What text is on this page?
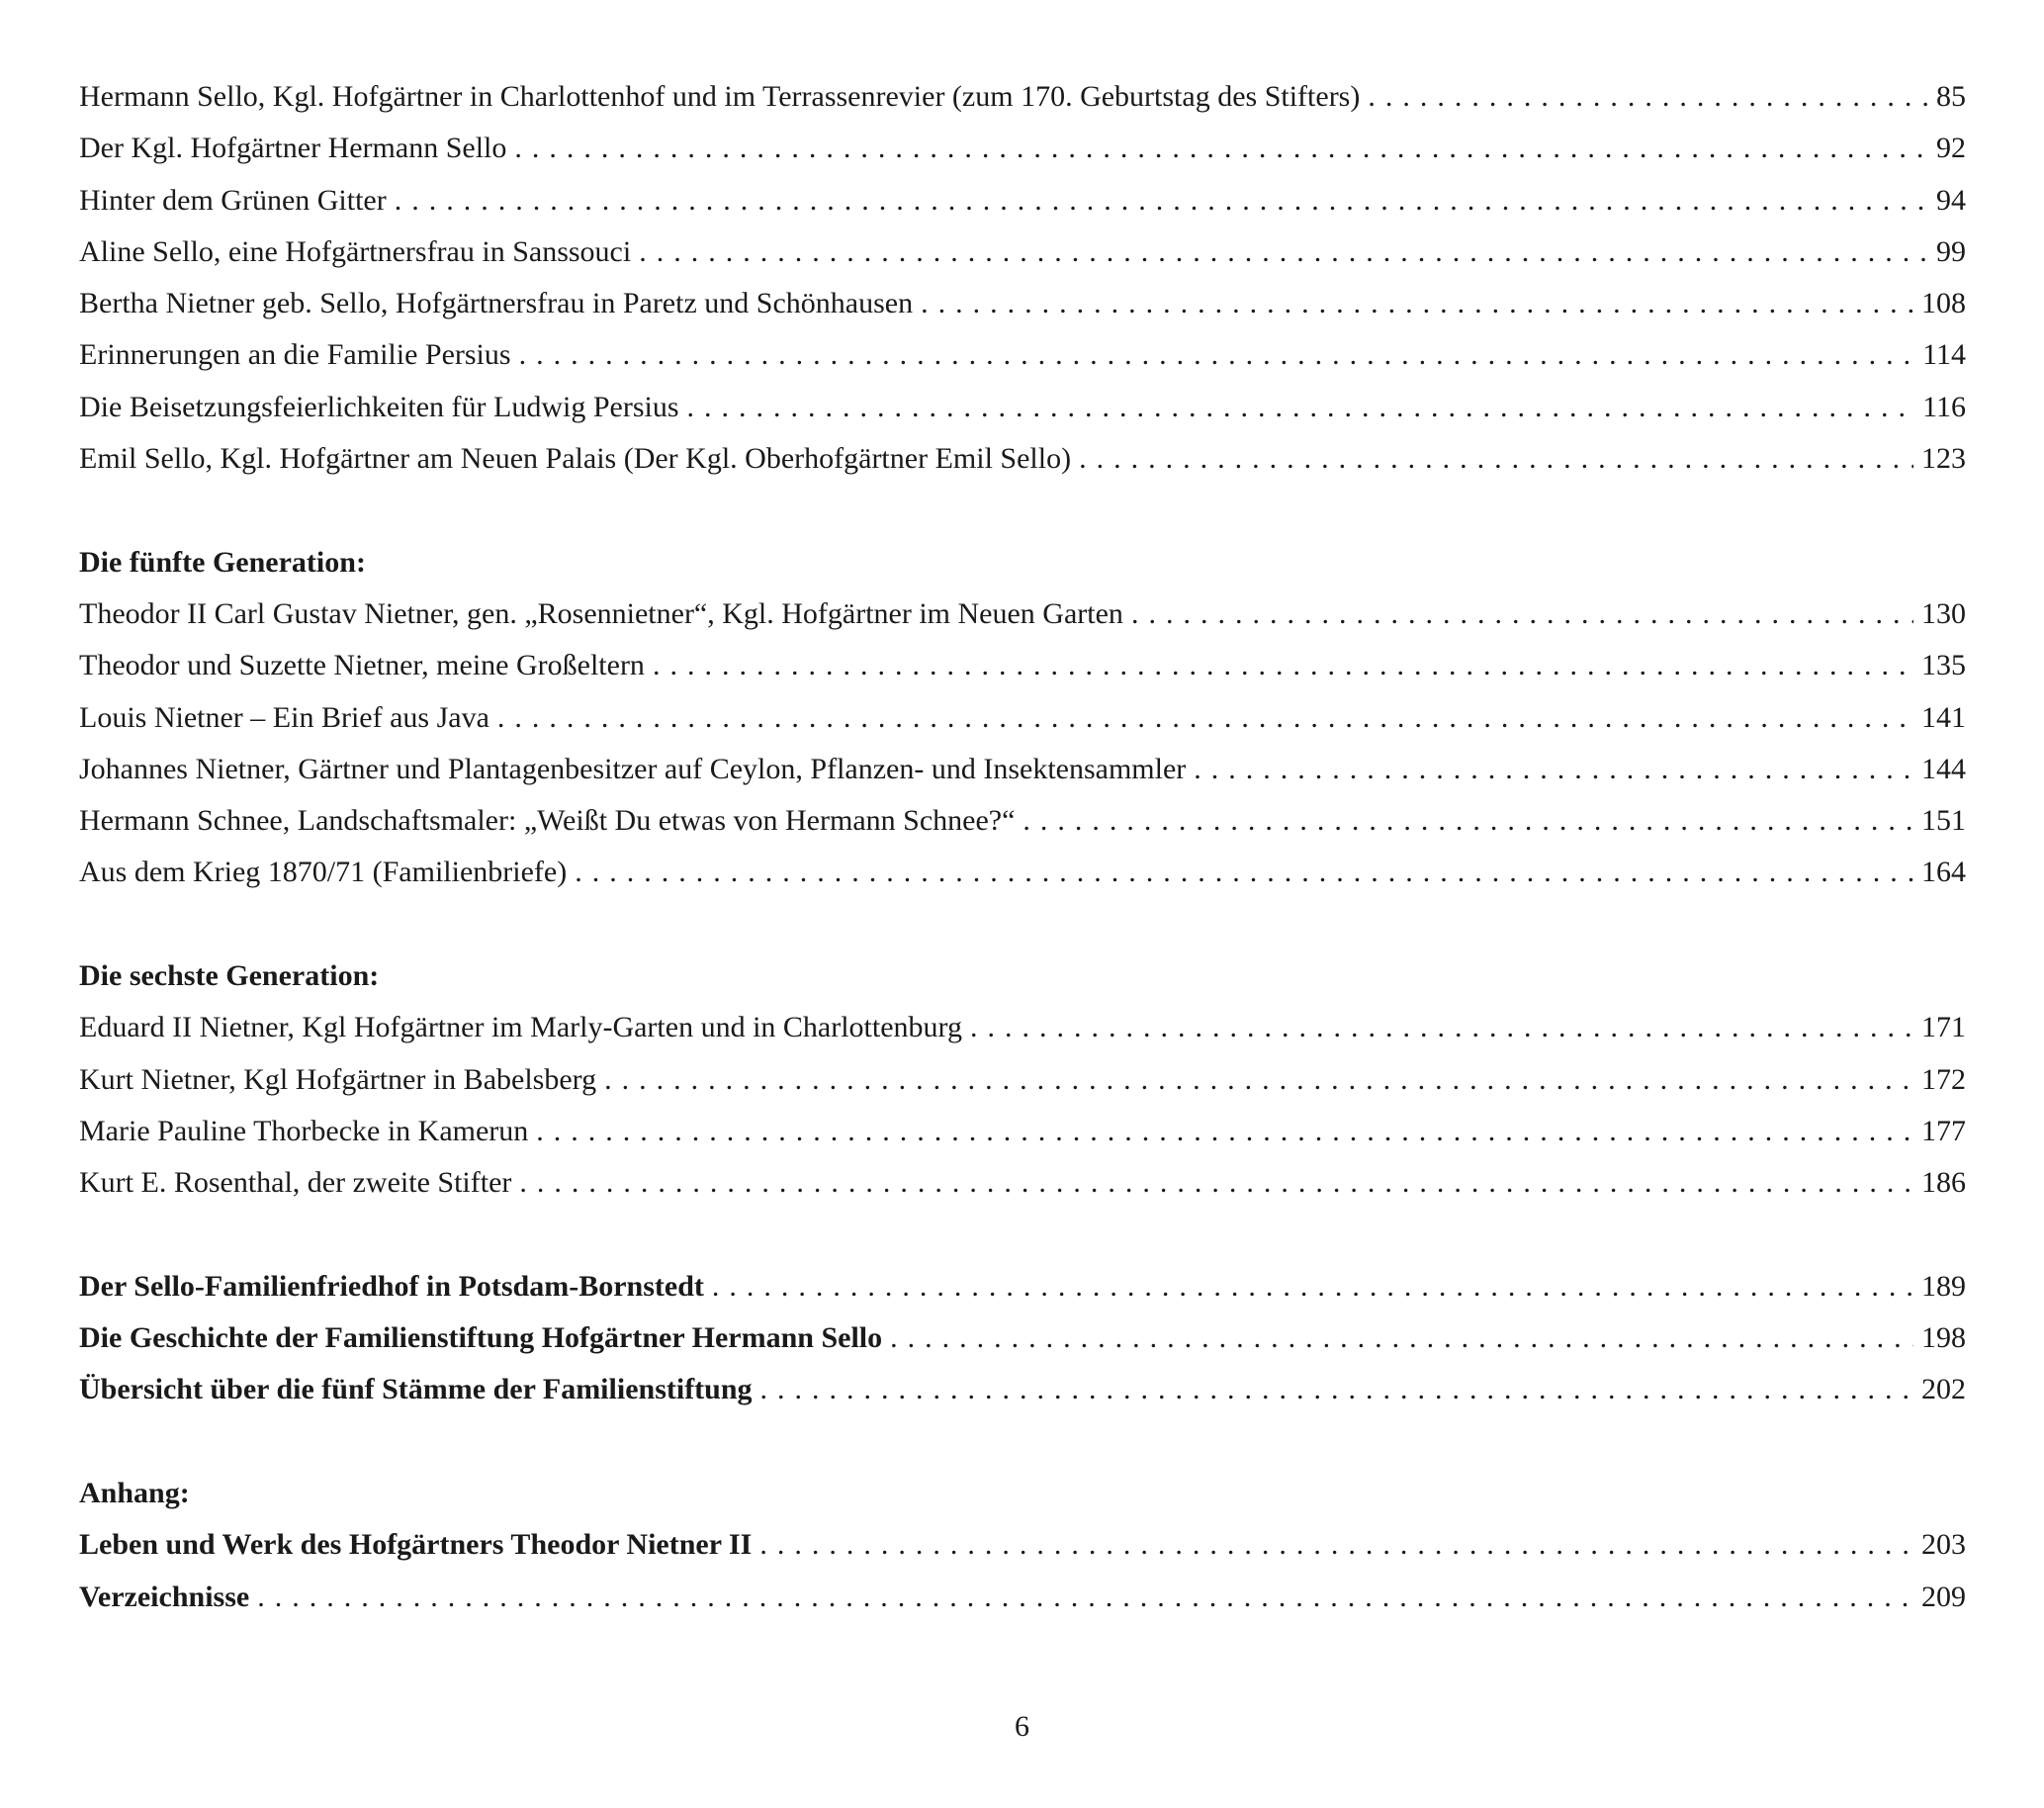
Hermann Sello, Kgl. Hofgärtner in Charlottenhof und im Terrassenrevier (zum 170. Geburtstag des Stifters) . . .	85
Der Kgl. Hofgärtner Hermann Sello . . .	92
Hinter dem Grünen Gitter . . .	94
Aline Sello, eine Hofgärtnersfrau in Sanssouci . . .	99
Bertha Nietner geb. Sello, Hofgärtnersfrau in Paretz und Schönhausen . . .	108
Erinnerungen an die Familie Persius . . .	114
Die Beisetzungsfeierlichkeiten für Ludwig Persius . . .	116
Emil Sello, Kgl. Hofgärtner am Neuen Palais (Der Kgl. Oberhofgärtner Emil Sello) . . .	123
Die fünfte Generation:
Theodor II Carl Gustav Nietner, gen. „Rosennietner“, Kgl. Hofgärtner im Neuen Garten . . .	130
Theodor und Suzette Nietner, meine Großeltern . . .	135
Louis Nietner – Ein Brief aus Java . . .	141
Johannes Nietner, Gärtner und Plantagenbesitzer auf Ceylon, Pflanzen- und Insektensammler . . .	144
Hermann Schnee, Landschaftsmaler: „Weißt Du etwas von Hermann Schnee?“ . . .	151
Aus dem Krieg 1870/71 (Familienbriefe) . . .	164
Die sechste Generation:
Eduard II Nietner, Kgl Hofgärtner im Marly-Garten und in Charlottenburg . . .	171
Kurt Nietner, Kgl Hofgärtner in Babelsberg . . .	172
Marie Pauline Thorbecke in Kamerun . . .	177
Kurt E. Rosenthal, der zweite Stifter . . .	186
Der Sello-Familienfriedhof in Potsdam-Bornstedt . . .	189
Die Geschichte der Familienstiftung Hofgärtner Hermann Sello . . .	198
Übersicht über die fünf Stämme der Familienstiftung . . .	202
Anhang:
Leben und Werk des Hofgärtners Theodor Nietner II . . .	203
Verzeichnisse . . .	209
6
